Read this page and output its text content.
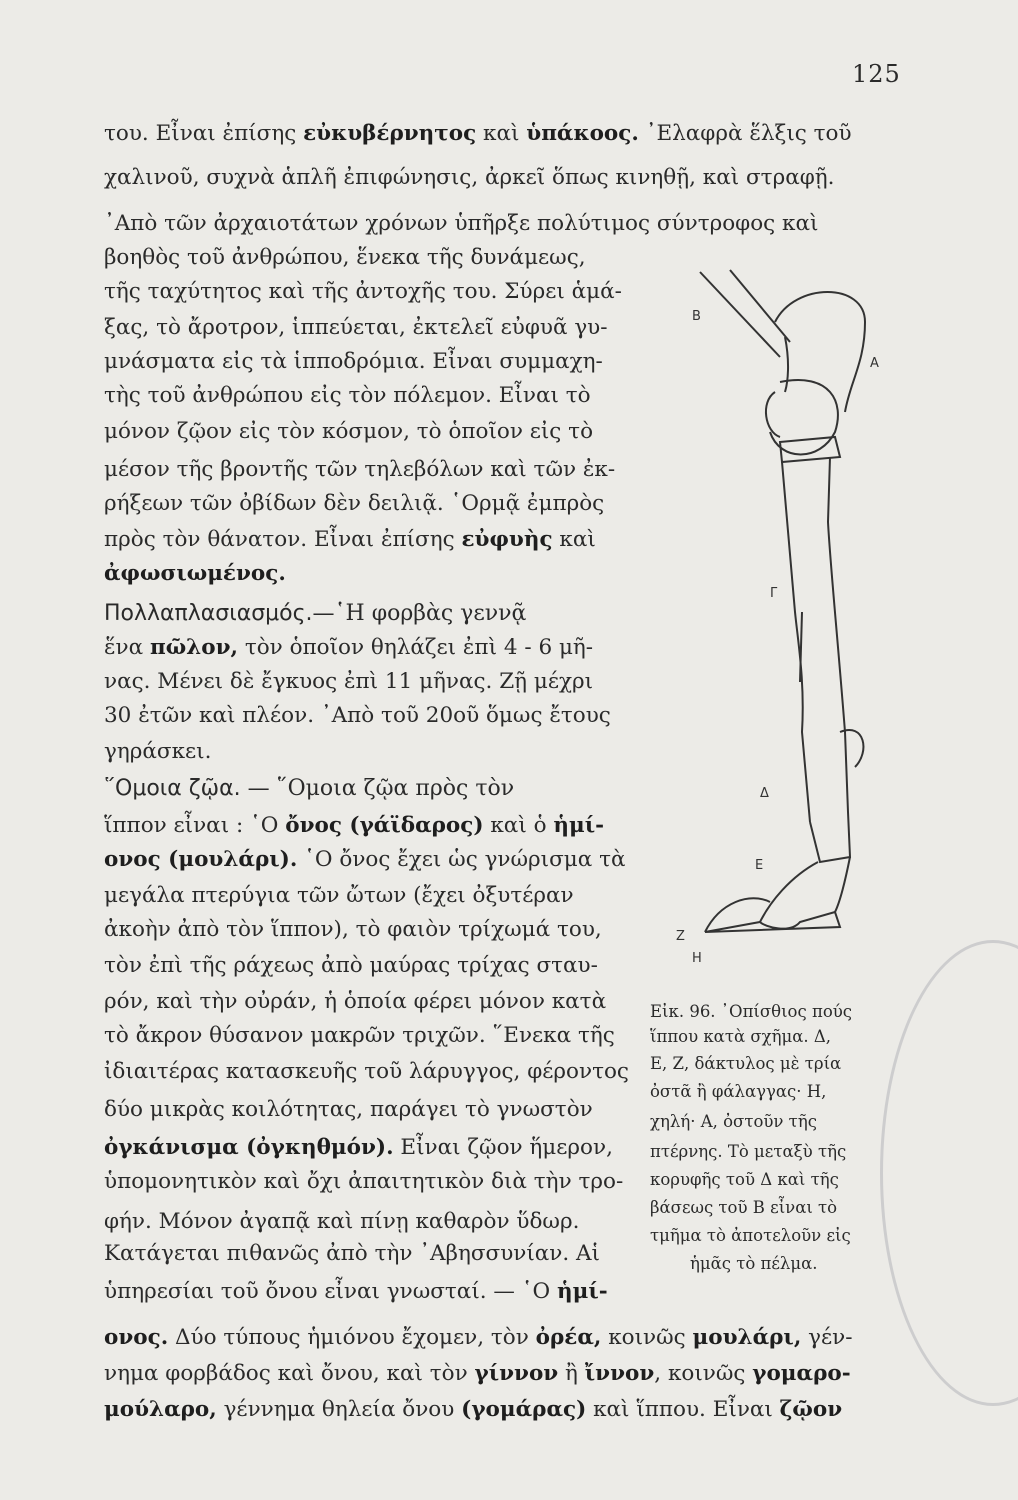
125
του. Εἶναι ἐπίσης εὐκυβέρνητος καὶ ὑπάκοος. ᾿Ελαφρὰ ἕλξις τοῦ
χαλινοῦ, συχνὰ ἁπλῆ ἐπιφώνησις, ἀρκεῖ ὅπως κινηθῇ, καὶ στραφῇ.
᾿Απὸ τῶν ἀρχαιοτάτων χρόνων ὑπῆρξε πολύτιμος σύντροφος καὶ
βοηθὸς τοῦ ἀνθρώπου, ἕνεκα τῆς δυνάμεως,
τῆς ταχύτητος καὶ τῆς ἀντοχῆς του. Σύρει ἁμά-
ξας, τὸ ἄροτρον, ἱππεύεται, ἐκτελεῖ εὐφυᾶ γυ-
μνάσματα εἰς τὰ ἱπποδρόμια. Εἶναι συμμαχη-
τὴς τοῦ ἀνθρώπου εἰς τὸν πόλεμον. Εἶναι τὸ
μόνον ζῷον εἰς τὸν κόσμον, τὸ ὁποῖον εἰς τὸ
μέσον τῆς βροντῆς τῶν τηλεβόλων καὶ τῶν ἐκ-
ρήξεων τῶν ὀβίδων δὲν δειλιᾷ. ῾Ορμᾷ ἐμπρὸς
πρὸς τὸν θάνατον. Εἶναι ἐπίσης εὐφυὴς καὶ
ἀφωσιωμένος.
Πολλαπλασιασμός.—῾Η φορβὰς γεννᾷ
ἕνα πῶλον, τὸν ὁποῖον θηλάζει ἐπὶ 4 - 6 μῆ-
νας. Μένει δὲ ἔγκυος ἐπὶ 11 μῆνας. Ζῇ μέχρι
30 ἐτῶν καὶ πλέον. ᾿Απὸ τοῦ 20οῦ ὅμως ἔτους
γηράσκει.
῞Ομοια ζῷα. — ῞Ομοια ζῷα πρὸς τὸν
ἵππον εἶναι : ῾Ο ὄνος (γάϊδαρος) καὶ ὁ ἡμί-
ονος (μουλάρι). ῾Ο ὄνος ἔχει ὡς γνώρισμα τὰ
μεγάλα πτερύγια τῶν ὤτων (ἔχει ὀξυτέραν
ἀκοὴν ἀπὸ τὸν ἵππον), τὸ φαιὸν τρίχωμά του,
τὸν ἐπὶ τῆς ράχεως ἀπὸ μαύρας τρίχας σταυ-
ρόν, καὶ τὴν οὐράν, ἡ ὁποία φέρει μόνον κατὰ
τὸ ἄκρον θύσανον μακρῶν τριχῶν. ῞Ενεκα τῆς
ἰδιαιτέρας κατασκευῆς τοῦ λάρυγγος, φέροντος
δύο μικρὰς κοιλότητας, παράγει τὸ γνωστὸν
ὀγκάνισμα (ὀγκηθμόν). Εἶναι ζῷον ἥμερον,
ὑπομονητικὸν καὶ ὄχι ἀπαιτητικὸν διὰ τὴν τρο-
φήν. Μόνον ἀγαπᾷ καὶ πίνῃ καθαρὸν ὕδωρ.
Κατάγεται πιθανῶς ἀπὸ τὴν ᾿Αβησσυνίαν. Αἱ
ὑπηρεσίαι τοῦ ὄνου εἶναι γνωσταί. — ῾Ο ἡμί-
ονος. Δύο τύπους ἡμιόνου ἔχομεν, τὸν ὀρέα, κοινῶς μουλάρι, γέν-
νημα φορβάδος καὶ ὄνου, καὶ τὸν γίννον ἢ ἴννον, κοινῶς γομαρο-
μούλαρο, γέννημα θηλεία ὄνου (γομάρας) καὶ ἵππου. Εἶναι ζῷον
Β
Α
Γ
Δ
Ε
Ζ
Η
Εἰκ. 96. ᾿Οπίσθιος πούς
ἵππου κατὰ σχῆμα. Δ,
Ε, Ζ, δάκτυλος μὲ τρία
ὀστᾶ ἢ φάλαγγας· Η,
χηλή· Α, ὀστοῦν τῆς
πτέρνης. Τὸ μεταξὺ τῆς
κορυφῆς τοῦ Δ καὶ τῆς
βάσεως τοῦ Β εἶναι τὸ
τμῆμα τὸ ἀποτελοῦν εἰς
ἡμᾶς τὸ πέλμα.
